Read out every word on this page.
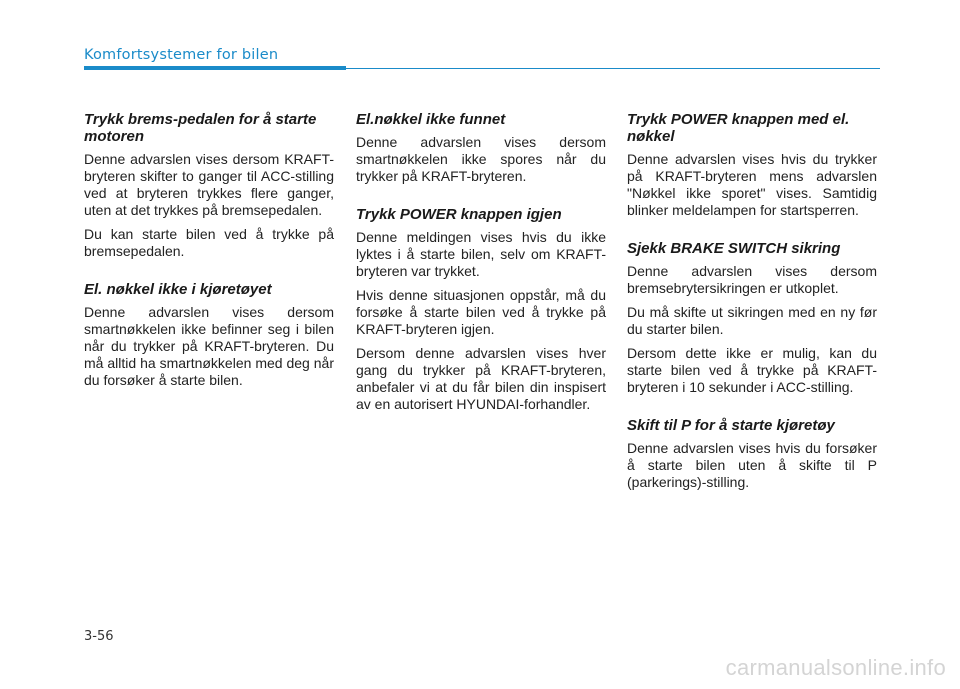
Komfortsystemer for bilen
Trykk brems-pedalen for å starte motoren
Denne advarslen vises dersom KRAFT-bryteren skifter to ganger til ACC-stilling ved at bryteren trykkes flere ganger, uten at det trykkes på bremsepedalen.
Du kan starte bilen ved å trykke på bremsepedalen.
El. nøkkel ikke i kjøretøyet
Denne advarslen vises dersom smartnøkkelen ikke befinner seg i bilen når du trykker på KRAFT-bryteren. Du må alltid ha smartnøkkelen med deg når du forsøker å starte bilen.
El.nøkkel ikke funnet
Denne advarslen vises dersom smartnøkkelen ikke spores når du trykker på KRAFT-bryteren.
Trykk POWER knappen igjen
Denne meldingen vises hvis du ikke lyktes i å starte bilen, selv om KRAFT-bryteren var trykket.
Hvis denne situasjonen oppstår, må du forsøke å starte bilen ved å trykke på KRAFT-bryteren igjen.
Dersom denne advarslen vises hver gang du trykker på KRAFT-bryteren, anbefaler vi at du får bilen din inspisert av en autorisert HYUNDAI-forhandler.
Trykk POWER knappen med el. nøkkel
Denne advarslen vises hvis du trykker på KRAFT-bryteren mens advarslen "Nøkkel ikke sporet" vises. Samtidig blinker meldelampen for startsperren.
Sjekk BRAKE SWITCH sikring
Denne advarslen vises dersom bremsebrytersikringen er utkoplet.
Du må skifte ut sikringen med en ny før du starter bilen.
Dersom dette ikke er mulig, kan du starte bilen ved å trykke på KRAFT-bryteren i 10 sekunder i ACC-stilling.
Skift til P for å starte kjøretøy
Denne advarslen vises hvis du forsøker å starte bilen uten å skifte til P (parkerings)-stilling.
3-56
carmanualsonline.info
